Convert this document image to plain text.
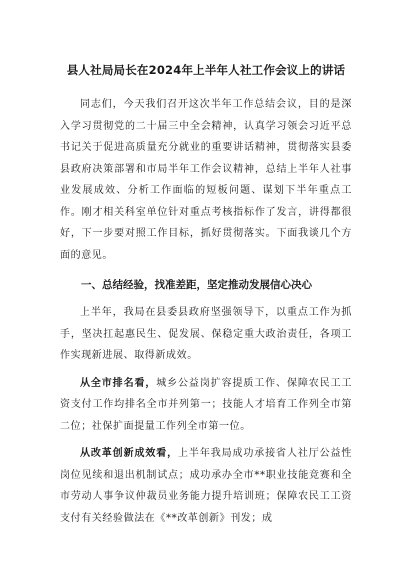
县人社局局长在2024年上半年人社工作会议上的讲话

同志们，今天我们召开这次半年工作总结会议，目的是深入学习贯彻党的二十届三中全会精神，认真学习领会习近平总书记关于促进高质量充分就业的重要讲话精神，贯彻落实县委县政府决策部署和市局半年工作会议精神，总结上半年人社事业发展成效、分析工作面临的短板问题、谋划下半年重点工作。刚才相关科室单位针对重点考核指标作了发言，讲得都很好，下一步要对照工作目标，抓好贯彻落实。下面我谈几个方面的意见。

一、总结经验，找准差距，坚定推动发展信心决心

上半年，我局在县委县政府坚强领导下，以重点工作为抓手，坚决扛起惠民生、促发展、保稳定重大政治责任，各项工作实现新进展、取得新成效。

从全市排名看，城乡公益岗扩容提质工作、保障农民工工资支付工作均排名全市并列第一；技能人才培育工作列全市第二位；社保扩面提量工作列全市第一位。

从改革创新成效看，上半年我局成功承接省人社厅公益性岗位见续和退出机制试点；成功承办全市**职业技能竞赛和全市劳动人事争议仲裁员业务能力提升培训班；保障农民工工资支付有关经验做法在《**改革创新》刊发；成
